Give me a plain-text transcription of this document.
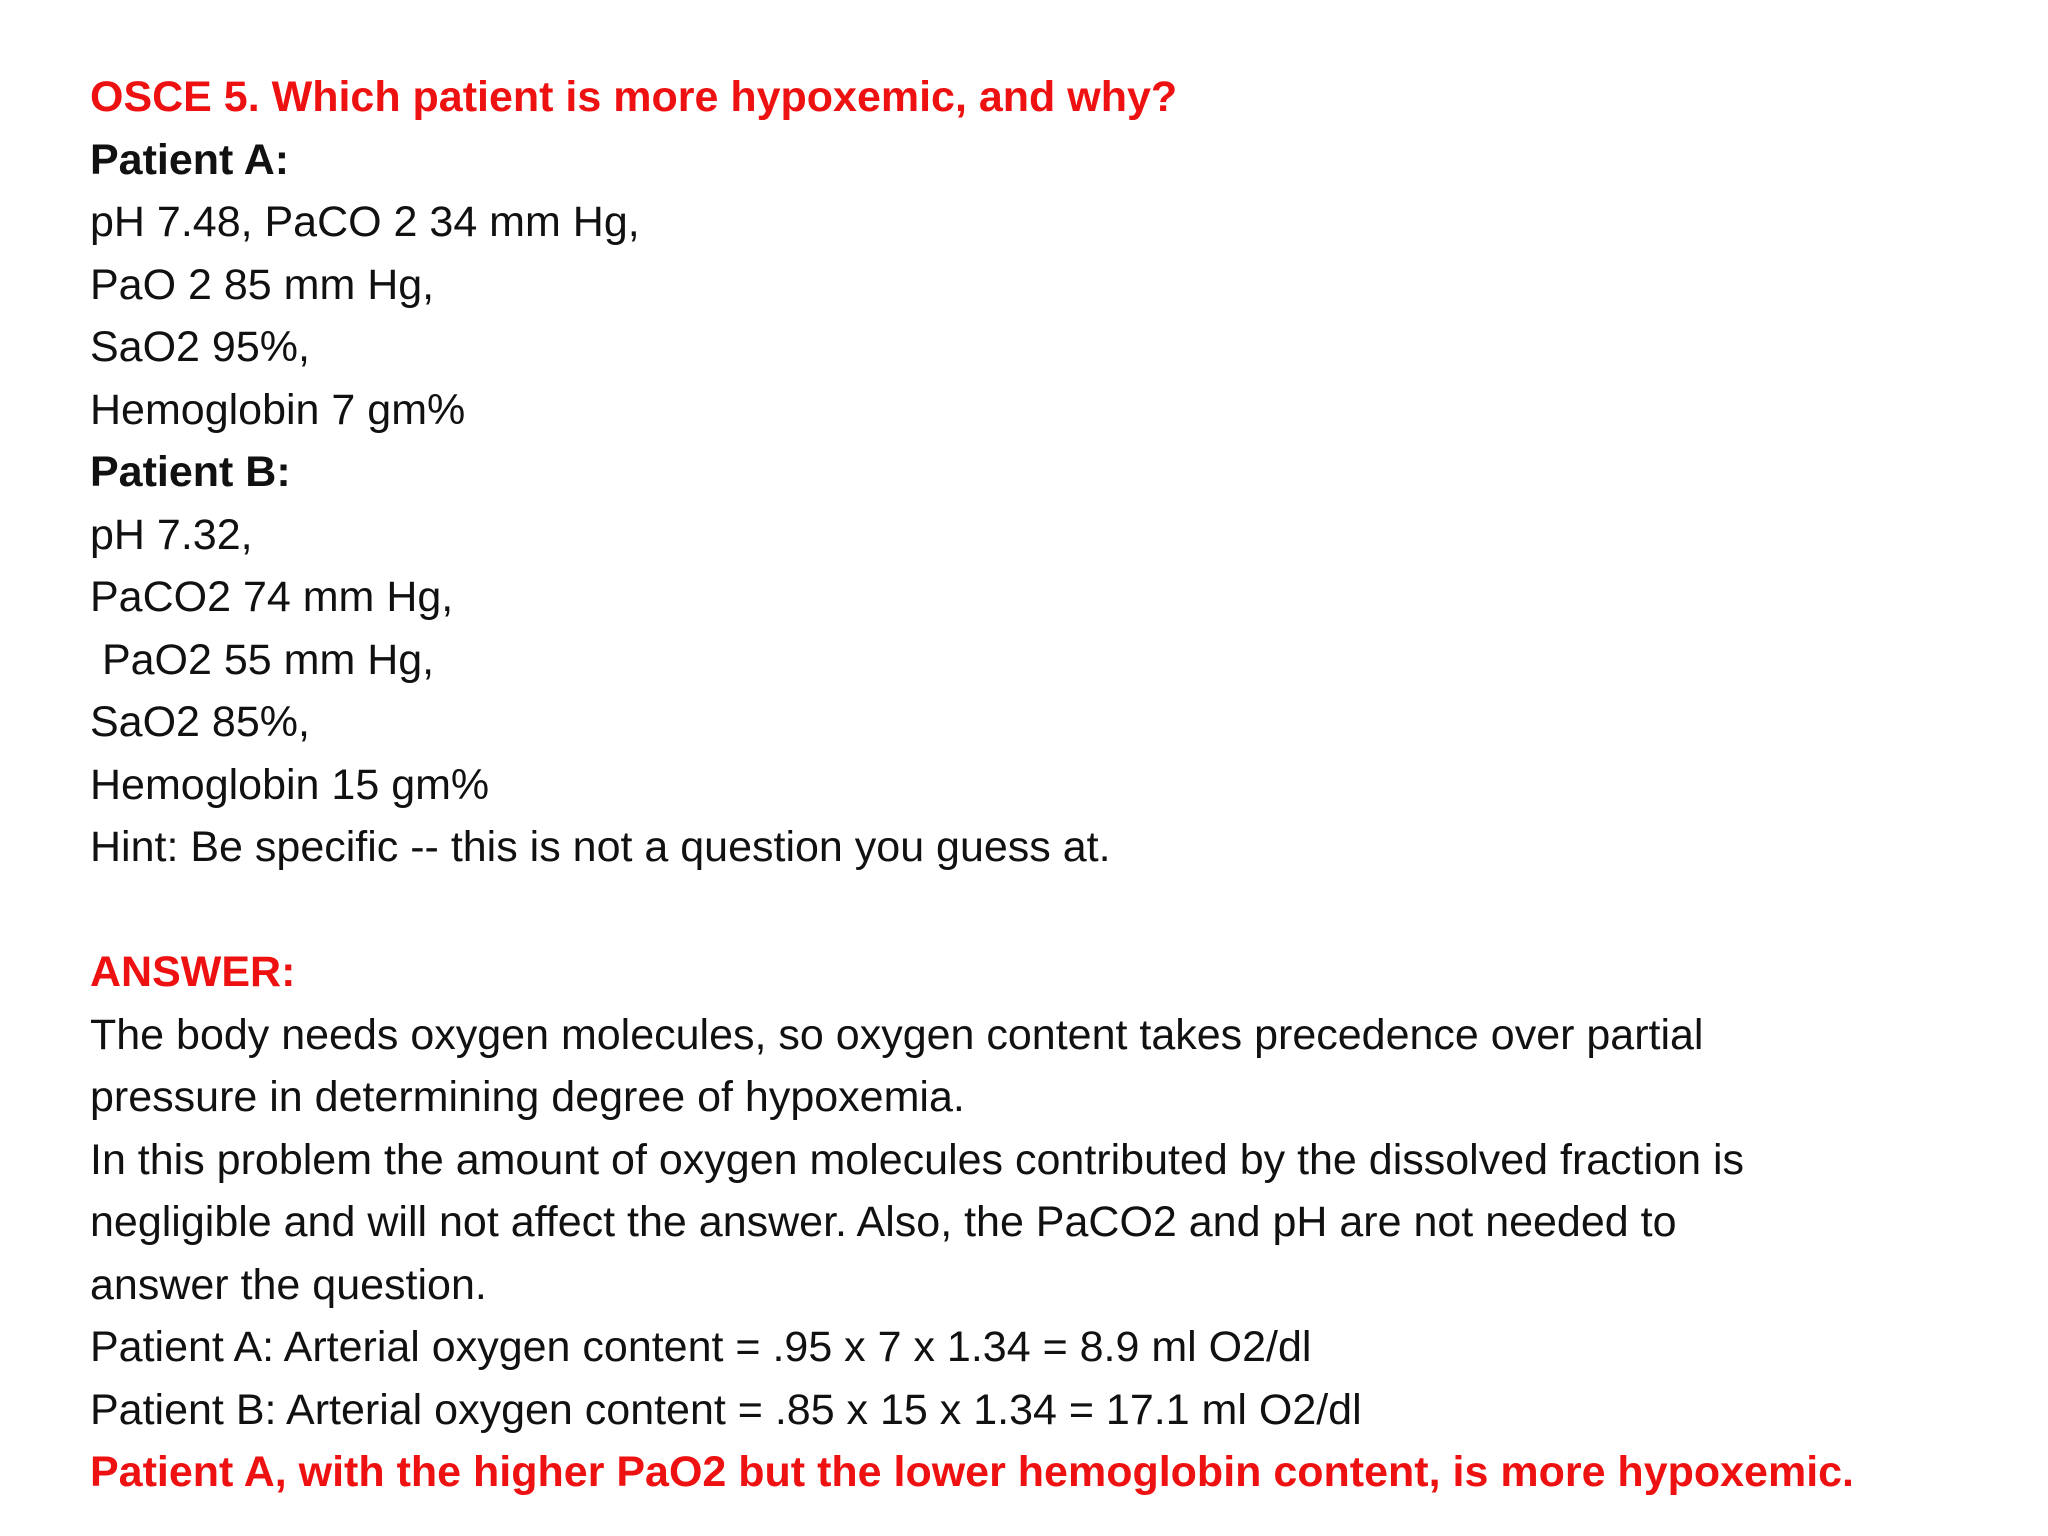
OSCE 5. Which patient is more hypoxemic, and why?

Patient A:

pH 7.48, PaCO 2 34 mm Hg,

PaO 2 85 mm Hg,

SaO2 95%,

Hemoglobin 7 gm%

Patient B:

pH 7.32,

PaCO2 74 mm Hg,

PaO2 55 mm Hg,

SaO2 85%,

Hemoglobin 15 gm%

Hint: Be specific -- this is not a question you guess at.

ANSWER:

The body needs oxygen molecules, so oxygen content takes precedence over partial

pressure in determining degree of hypoxemia.

In this problem the amount of oxygen molecules contributed by the dissolved fraction is

negligible and will not affect the answer. Also, the PaCO2 and pH are not needed to

answer the question.

Patient A: Arterial oxygen content = .95 x 7 x 1.34 = 8.9 ml O2/dl

Patient B: Arterial oxygen content = .85 x 15 x 1.34 = 17.1 ml O2/dl

Patient A, with the higher PaO2 but the lower hemoglobin content, is more hypoxemic.
